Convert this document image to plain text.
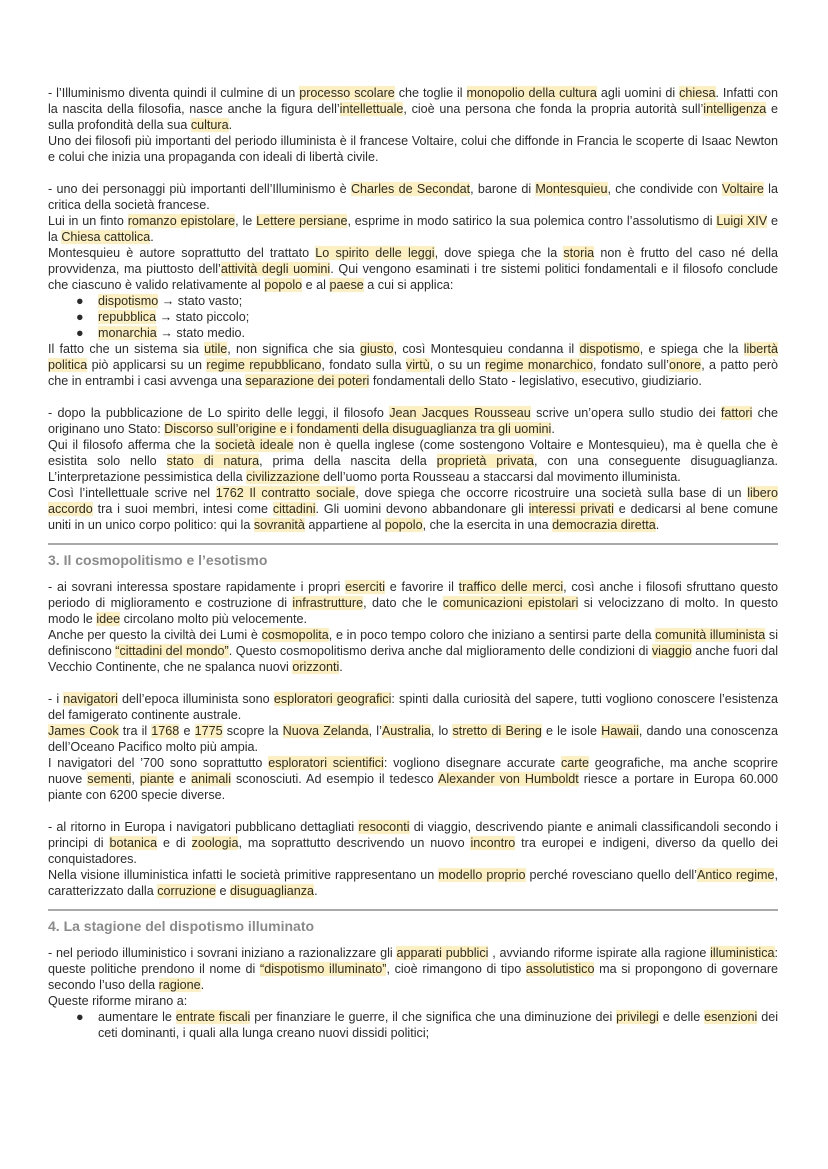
- l’Illuminismo diventa quindi il culmine di un processo scolare che toglie il monopolio della cultura agli uomini di chiesa. Infatti con la nascita della filosofia, nasce anche la figura dell’intellettuale, cioè una persona che fonda la propria autorità sull’intelligenza e sulla profondità della sua cultura.

Uno dei filosofi più importanti del periodo illuminista è il francese Voltaire, colui che diffonde in Francia le scoperte di Isaac Newton e colui che inizia una propaganda con ideali di libertà civile.

- uno dei personaggi più importanti dell’Illuminismo è Charles de Secondat, barone di Montesquieu, che condivide con Voltaire la critica della società francese.

Lui in un finto romanzo epistolare, le Lettere persiane, esprime in modo satirico la sua polemica contro l’assolutismo di Luigi XIV e la Chiesa cattolica.

Montesquieu è autore soprattutto del trattato Lo spirito delle leggi, dove spiega che la storia non è frutto del caso né della provvidenza, ma piuttosto dell’attività degli uomini. Qui vengono esaminati i tre sistemi politici fondamentali e il filosofo conclude che ciascuno è valido relativamente al popolo e al paese a cui si applica:

● dispotismo → stato vasto;
● repubblica → stato piccolo;
● monarchia → stato medio.

Il fatto che un sistema sia utile, non significa che sia giusto, così Montesquieu condanna il dispotismo, e spiega che la libertà politica piò applicarsi su un regime repubblicano, fondato sulla virtù, o su un regime monarchico, fondato sull’onore, a patto però che in entrambi i casi avvenga una separazione dei poteri fondamentali dello Stato - legislativo, esecutivo, giudiziario.

- dopo la pubblicazione de Lo spirito delle leggi, il filosofo Jean Jacques Rousseau scrive un’opera sullo studio dei fattori che originano uno Stato: Discorso sull’origine e i fondamenti della disuguaglianza tra gli uomini.

Qui il filosofo afferma che la società ideale non è quella inglese (come sostengono Voltaire e Montesquieu), ma è quella che è esistita solo nello stato di natura, prima della nascita della proprietà privata, con una conseguente disuguaglianza. L’interpretazione pessimistica della civilizzazione dell’uomo porta Rousseau a staccarsi dal movimento illuminista.

Così l’intellettuale scrive nel 1762 Il contratto sociale, dove spiega che occorre ricostruire una società sulla base di un libero accordo tra i suoi membri, intesi come cittadini. Gli uomini devono abbandonare gli interessi privati e dedicarsi al bene comune uniti in un unico corpo politico: qui la sovranità appartiene al popolo, che la esercita in una democrazia diretta.

3. Il cosmopolitismo e l’esotismo

- ai sovrani interessa spostare rapidamente i propri eserciti e favorire il traffico delle merci, così anche i filosofi sfruttano questo periodo di miglioramento e costruzione di infrastrutture, dato che le comunicazioni epistolari si velocizzano di molto. In questo modo le idee circolano molto più velocemente.

Anche per questo la civiltà dei Lumi è cosmopolita, e in poco tempo coloro che iniziano a sentirsi parte della comunità illuminista si definiscono “cittadini del mondo”. Questo cosmopolitismo deriva anche dal miglioramento delle condizioni di viaggio anche fuori dal Vecchio Continente, che ne spalanca nuovi orizzonti.

- i navigatori dell’epoca illuminista sono esploratori geografici: spinti dalla curiosità del sapere, tutti vogliono conoscere l’esistenza del famigerato continente australe.

James Cook tra il 1768 e 1775 scopre la Nuova Zelanda, l’Australia, lo stretto di Bering e le isole Hawaii, dando una conoscenza dell’Oceano Pacifico molto più ampia.

I navigatori del ’700 sono soprattutto esploratori scientifici: vogliono disegnare accurate carte geografiche, ma anche scoprire nuove sementi, piante e animali sconosciuti. Ad esempio il tedesco Alexander von Humboldt riesce a portare in Europa 60.000 piante con 6200 specie diverse.

- al ritorno in Europa i navigatori pubblicano dettagliati resoconti di viaggio, descrivendo piante e animali classificandoli secondo i principi di botanica e di zoologia, ma soprattutto descrivendo un nuovo incontro tra europei e indigeni, diverso da quello dei conquistadores.

Nella visione illuministica infatti le società primitive rappresentano un modello proprio perché rovesciano quello dell’Antico regime, caratterizzato dalla corruzione e disuguaglianza.

4. La stagione del dispotismo illuminato

- nel periodo illuministico i sovrani iniziano a razionalizzare gli apparati pubblici , avviando riforme ispirate alla ragione illuministica: queste politiche prendono il nome di “dispotismo illuminato”, cioè rimangono di tipo assolutistico ma si propongono di governare secondo l’uso della ragione.

Queste riforme mirano a:

● aumentare le entrate fiscali per finanziare le guerre, il che significa che una diminuzione dei privilegi e delle esenzioni dei ceti dominanti, i quali alla lunga creano nuovi dissidi politici;
